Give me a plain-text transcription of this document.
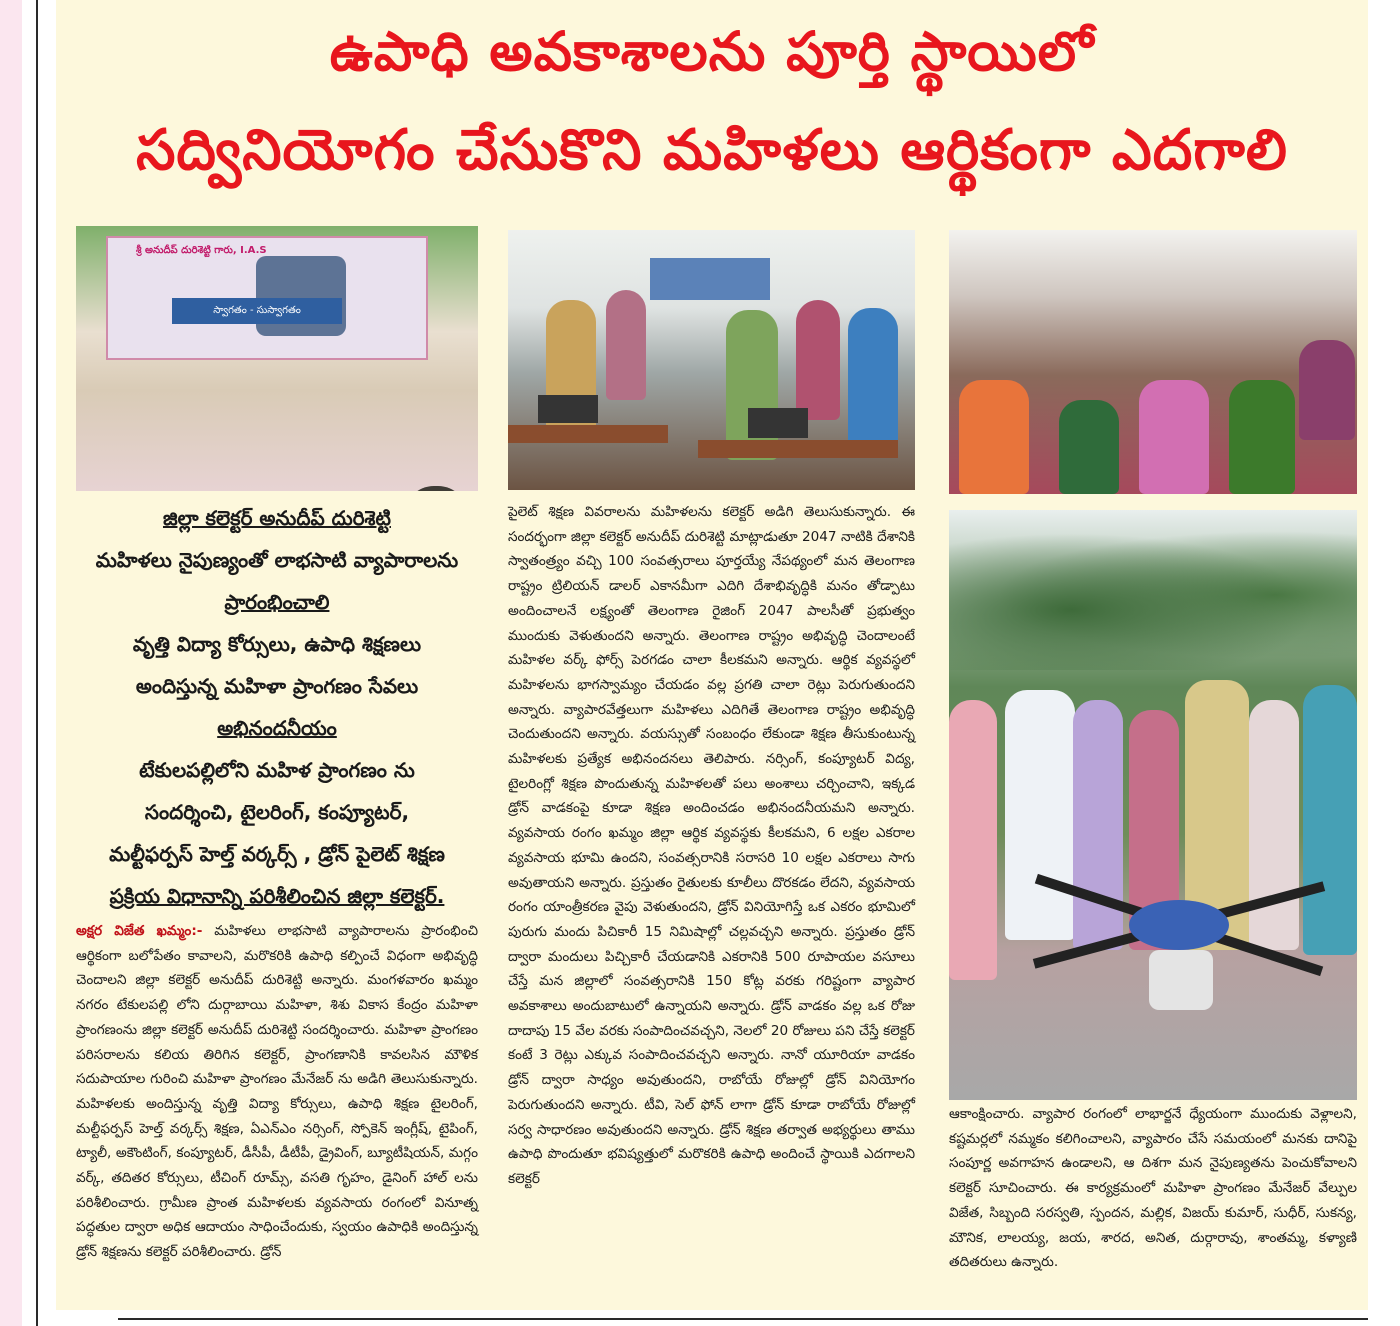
ఉపాధి అవకాశాలను పూర్తి స్థాయిలో
సద్వినియోగం చేసుకొని మహిళలు ఆర్థికంగా ఎదగాలి
స్వాగతం - సుస్వాగతం
శ్రీ అనుదీప్ దురిశెట్టి గారు, I.A.S

జిల్లా కలెక్టర్ అనుదీప్ దురిశెట్టి
మహిళలు నైపుణ్యంతో లాభసాటి వ్యాపారాలను
ప్రారంభించాలి
వృత్తి విద్యా కోర్సులు, ఉపాధి శిక్షణలు
అందిస్తున్న మహిళా ప్రాంగణం సేవలు
అభినందనీయం
టేకులపల్లిలోని మహిళ ప్రాంగణం ను
సందర్శించి, టైలరింగ్, కంప్యూటర్,
మల్టీఫర్పస్ హెల్త్ వర్కర్స్ , డ్రోన్ పైలెట్ శిక్షణ
ప్రక్రియ విధానాన్ని పరిశీలించిన జిల్లా కలెక్టర్.

అక్షర విజేత ఖమ్మం:- మహిళలు లాభసాటి వ్యాపారాలను ప్రారంభించి ఆర్థికంగా బలోపేతం కావాలని, మరొకరికి ఉపాధి కల్పించే విధంగా అభివృద్ధి చెందాలని జిల్లా కలెక్టర్ అనుదీప్ దురిశెట్టి అన్నారు. మంగళవారం ఖమ్మం నగరం టేకులపల్లి లోని దుర్గాబాయి మహిళా, శిశు వికాస కేంద్రం మహిళా ప్రాంగణంను జిల్లా కలెక్టర్ అనుదీప్ దురిశెట్టి సందర్శించారు. మహిళా ప్రాంగణం పరిసరాలను కలియ తిరిగిన కలెక్టర్, ప్రాంగణానికి కావలసిన మౌళిక సదుపాయాల గురించి మహిళా ప్రాంగణం మేనేజర్ ను అడిగి తెలుసుకున్నారు. మహిళలకు అందిస్తున్న వృత్తి విద్యా కోర్సులు, ఉపాధి శిక్షణ టైలరింగ్, మల్టీఫర్పస్ హెల్త్ వర్కర్స్ శిక్షణ, ఏఎన్ఎం నర్సింగ్, స్పోకెన్ ఇంగ్లీష్, టైపింగ్, ట్యాలీ, అకౌంటింగ్, కంప్యూటర్, డీసీపీ, డీటీపీ, డ్రైవింగ్, బ్యూటీషియన్, మగ్గం వర్క్, తదితర కోర్సులు, టీచింగ్ రూమ్స్, వసతి గృహం, డైనింగ్ హాల్ లను పరిశీలించారు. గ్రామీణ ప్రాంత మహిళలకు వ్యవసాయ రంగంలో వినూత్న పద్ధతుల ద్వారా అధిక ఆదాయం సాధించేందుకు, స్వయం ఉపాధికి అందిస్తున్న డ్రోన్ శిక్షణను కలెక్టర్ పరిశీలించారు. డ్రోన్

పైలెట్ శిక్షణ వివరాలను మహిళలను కలెక్టర్ అడిగి తెలుసుకున్నారు. ఈ సందర్భంగా జిల్లా కలెక్టర్ అనుదీప్ దురిశెట్టి మాట్లాడుతూ 2047 నాటికి దేశానికి స్వాతంత్ర్యం వచ్చి 100 సంవత్సరాలు పూర్తయ్యే నేపథ్యంలో మన తెలంగాణ రాష్ట్రం ట్రిలియన్ డాలర్ ఎకానమీగా ఎదిగి దేశాభివృద్ధికి మనం తోడ్పాటు అందించాలనే లక్ష్యంతో తెలంగాణ రైజింగ్ 2047 పాలసీతో ప్రభుత్వం ముందుకు వెళుతుందని అన్నారు. తెలంగాణ రాష్ట్రం అభివృద్ధి చెందాలంటే మహిళల వర్క్ ఫోర్స్ పెరగడం చాలా కీలకమని అన్నారు. ఆర్థిక వ్యవస్థలో మహిళలను భాగస్వామ్యం చేయడం వల్ల ప్రగతి చాలా రెట్లు పెరుగుతుందని అన్నారు. వ్యాపారవేత్తలుగా మహిళలు ఎదిగితే తెలంగాణ రాష్ట్రం అభివృద్ధి చెందుతుందని అన్నారు. వయస్సుతో సంబంధం లేకుండా శిక్షణ తీసుకుంటున్న మహిళలకు ప్రత్యేక అభినందనలు తెలిపారు. నర్సింగ్, కంప్యూటర్ విద్య, టైలరింగ్లో శిక్షణ పొందుతున్న మహిళలతో పలు అంశాలు చర్చించాని, ఇక్కడ డ్రోన్ వాడకంపై కూడా శిక్షణ అందించడం అభినందనీయమని అన్నారు. వ్యవసాయ రంగం ఖమ్మం జిల్లా ఆర్థిక వ్యవస్థకు కీలకమని, 6 లక్షల ఎకరాల వ్యవసాయ భూమి ఉందని, సంవత్సరానికి సరాసరి 10 లక్షల ఎకరాలు సాగు అవుతాయని అన్నారు. ప్రస్తుతం రైతులకు కూలీలు దొరకడం లేదని, వ్యవసాయ రంగం యాంత్రీకరణ వైపు వెళుతుందని, డ్రోన్ వినియోగిస్తే ఒక ఎకరం భూమిలో పురుగు మందు పిచికారీ 15 నిమిషాల్లో చల్లవచ్చని అన్నారు. ప్రస్తుతం డ్రోన్ ద్వారా మందులు పిచ్చికారీ చేయడానికి ఎకరానికి 500 రూపాయల వసూలు చేస్తే మన జిల్లాలో సంవత్సరానికి 150 కోట్ల వరకు గరిష్టంగా వ్యాపార అవకాశాలు అందుబాటులో ఉన్నాయని అన్నారు. డ్రోన్ వాడకం వల్ల ఒక రోజు దాదాపు 15 వేల వరకు సంపాదించవచ్చని, నెలలో 20 రోజులు పని చేస్తే కలెక్టర్ కంటే 3 రెట్లు ఎక్కువ సంపాదించవచ్చని అన్నారు. నానో యూరియా వాడకం డ్రోన్ ద్వారా సాధ్యం అవుతుందని, రాబోయే రోజుల్లో డ్రోన్ వినియోగం పెరుగుతుందని అన్నారు. టీవి, సెల్ ఫోన్ లాగా డ్రోన్ కూడా రాబోయే రోజుల్లో సర్వ సాధారణం అవుతుందని అన్నారు. డ్రోన్ శిక్షణ తర్వాత అభ్యర్థులు తాము ఉపాధి పొందుతూ భవిష్యత్తులో మరొకరికి ఉపాధి అందించే స్థాయికి ఎదగాలని కలెక్టర్

ఆకాంక్షించారు. వ్యాపార రంగంలో లాభార్జనే ధ్యేయంగా ముందుకు వెళ్లాలని, కష్టమర్లలో నమ్మకం కలిగించాలని, వ్యాపారం చేసే సమయంలో మనకు దానిపై సంపూర్ణ అవగాహన ఉండాలని, ఆ దిశగా మన నైపుణ్యతను పెంచుకోవాలని కలెక్టర్ సూచించారు. ఈ కార్యక్రమంలో మహిళా ప్రాంగణం మేనేజర్ వేల్పుల విజేత, సిబ్బంది సరస్వతి, స్పందన, మల్లిక, విజయ్ కుమార్, సుధీర్, సుకన్య, మౌనిక, లాలయ్య, జయ, శారద, అనిత, దుర్గారావు, శాంతమ్మ, కళ్యాణి తదితరులు ఉన్నారు.
